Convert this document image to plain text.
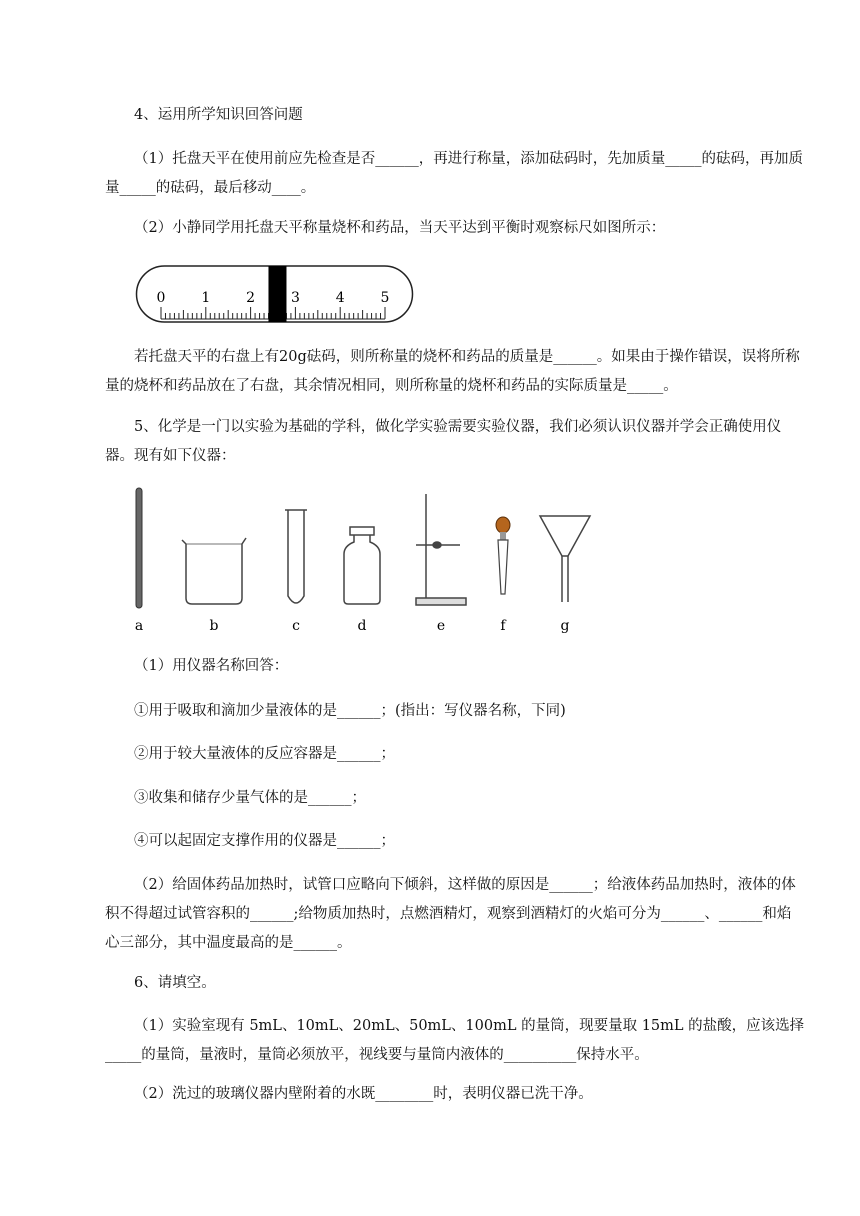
4、运用所学知识回答问题

（1）托盘天平在使用前应先检查是否______，再进行称量，添加砝码时，先加质量_____的砝码，再加质量_____的砝码，最后移动____。

（2）小静同学用托盘天平称量烧杯和药品，当天平达到平衡时观察标尺如图所示：

0	1	2	3	4	5

若托盘天平的右盘上有20g砝码，则所称量的烧杯和药品的质量是______。如果由于操作错误，误将所称量的烧杯和药品放在了右盘，其余情况相同，则所称量的烧杯和药品的实际质量是_____。

5、化学是一门以实验为基础的学科，做化学实验需要实验仪器，我们必须认识仪器并学会正确使用仪器。现有如下仪器：

a	b	c	d	e	f	g

（1）用仪器名称回答：

①用于吸取和滴加少量液体的是______；(指出：写仪器名称，下同)

②用于较大量液体的反应容器是______；

③收集和储存少量气体的是______；

④可以起固定支撑作用的仪器是______；

（2）给固体药品加热时，试管口应略向下倾斜，这样做的原因是______；给液体药品加热时，液体的体积不得超过试管容积的______;给物质加热时，点燃酒精灯，观察到酒精灯的火焰可分为______、______和焰心三部分，其中温度最高的是______。

6、请填空。

（1）实验室现有 5mL、10mL、20mL、50mL、100mL 的量筒，现要量取 15mL 的盐酸，应该选择_____的量筒，量液时，量筒必须放平，视线要与量筒内液体的__________保持水平。

（2）洗过的玻璃仪器内壁附着的水既________时，表明仪器已洗干净。
